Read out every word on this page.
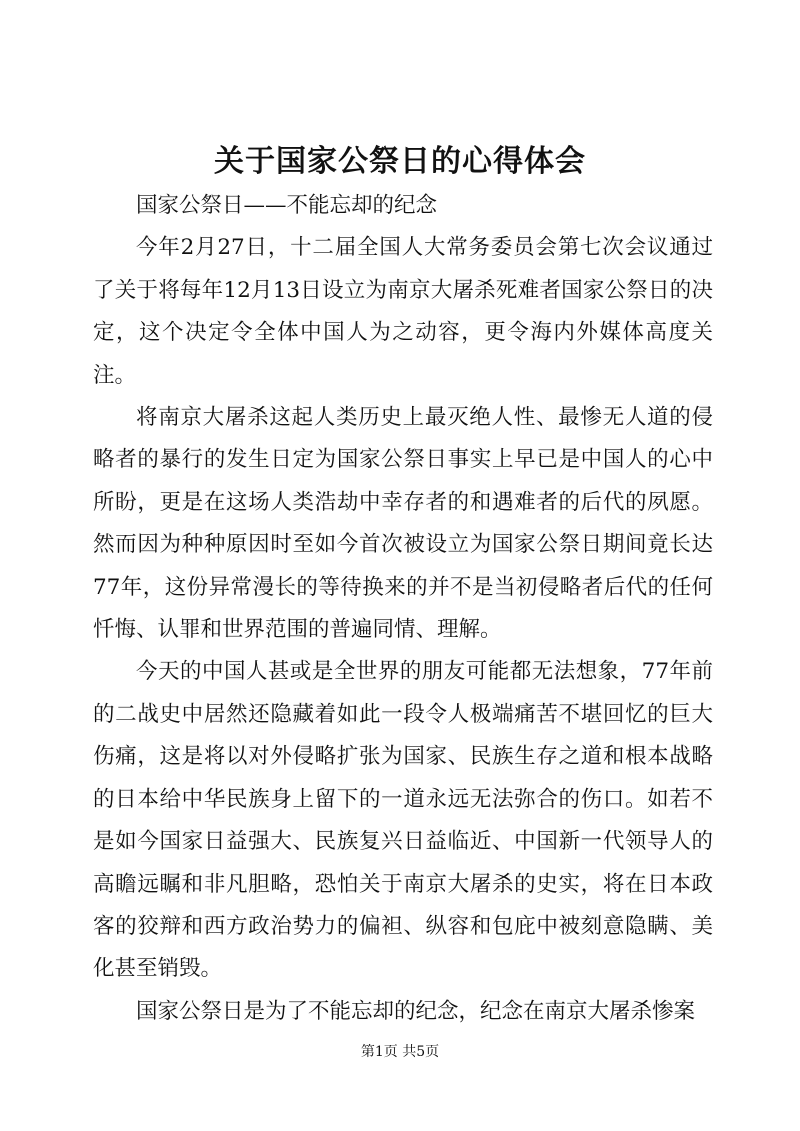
关于国家公祭日的心得体会

国家公祭日——不能忘却的纪念

今年2月27日，十二届全国人大常务委员会第七次会议通过了关于将每年12月13日设立为南京大屠杀死难者国家公祭日的决定，这个决定令全体中国人为之动容，更令海内外媒体高度关注。

将南京大屠杀这起人类历史上最灭绝人性、最惨无人道的侵略者的暴行的发生日定为国家公祭日事实上早已是中国人的心中所盼，更是在这场人类浩劫中幸存者的和遇难者的后代的夙愿。然而因为种种原因时至如今首次被设立为国家公祭日期间竟长达77年，这份异常漫长的等待换来的并不是当初侵略者后代的任何忏悔、认罪和世界范围的普遍同情、理解。

今天的中国人甚或是全世界的朋友可能都无法想象，77年前的二战史中居然还隐藏着如此一段令人极端痛苦不堪回忆的巨大伤痛，这是将以对外侵略扩张为国家、民族生存之道和根本战略的日本给中华民族身上留下的一道永远无法弥合的伤口。如若不是如今国家日益强大、民族复兴日益临近、中国新一代领导人的高瞻远瞩和非凡胆略，恐怕关于南京大屠杀的史实，将在日本政客的狡辩和西方政治势力的偏袒、纵容和包庇中被刻意隐瞒、美化甚至销毁。

国家公祭日是为了不能忘却的纪念，纪念在南京大屠杀惨案

第1页 共5页
